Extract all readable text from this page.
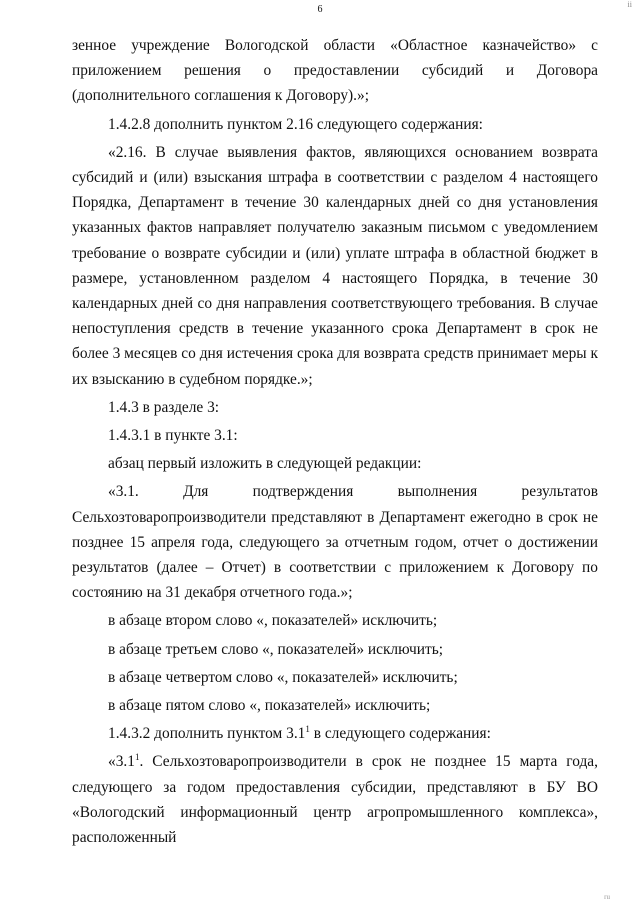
6	ii
ru

зенное учреждение Вологодской области «Областное казначейство» с приложением решения о предоставлении субсидий и Договора (дополнительного соглашения к Договору).»;

1.4.2.8 дополнить пунктом 2.16 следующего содержания:

«2.16. В случае выявления фактов, являющихся основанием возврата субсидий и (или) взыскания штрафа в соответствии с разделом 4 настоящего Порядка, Департамент в течение 30 календарных дней со дня установления указанных фактов направляет получателю заказным письмом с уведомлением требование о возврате субсидии и (или) уплате штрафа в областной бюджет в размере, установленном разделом 4 настоящего Порядка, в течение 30 календарных дней со дня направления соответствующего требования. В случае непоступления средств в течение указанного срока Департамент в срок не более 3 месяцев со дня истечения срока для возврата средств принимает меры к их взысканию в судебном порядке.»;

1.4.3 в разделе 3:

1.4.3.1 в пункте 3.1:

абзац первый изложить в следующей редакции:

«3.1. Для подтверждения выполнения результатов Сельхозтоваропроизводители представляют в Департамент ежегодно в срок не позднее 15 апреля года, следующего за отчетным годом, отчет о достижении результатов (далее – Отчет) в соответствии с приложением к Договору по состоянию на 31 декабря отчетного года.»;

в абзаце втором слово «, показателей» исключить;

в абзаце третьем слово «, показателей» исключить;

в абзаце четвертом слово «, показателей» исключить;

в абзаце пятом слово «, показателей» исключить;

1.4.3.2 дополнить пунктом $3.1^1$ в следующего содержания:

«$3.1^1$. Сельхозтоваропроизводители в срок не позднее 15 марта года, следующего за годом предоставления субсидии, представляют в БУ ВО «Вологодский информационный центр агропромышленного комплекса», расположенный
